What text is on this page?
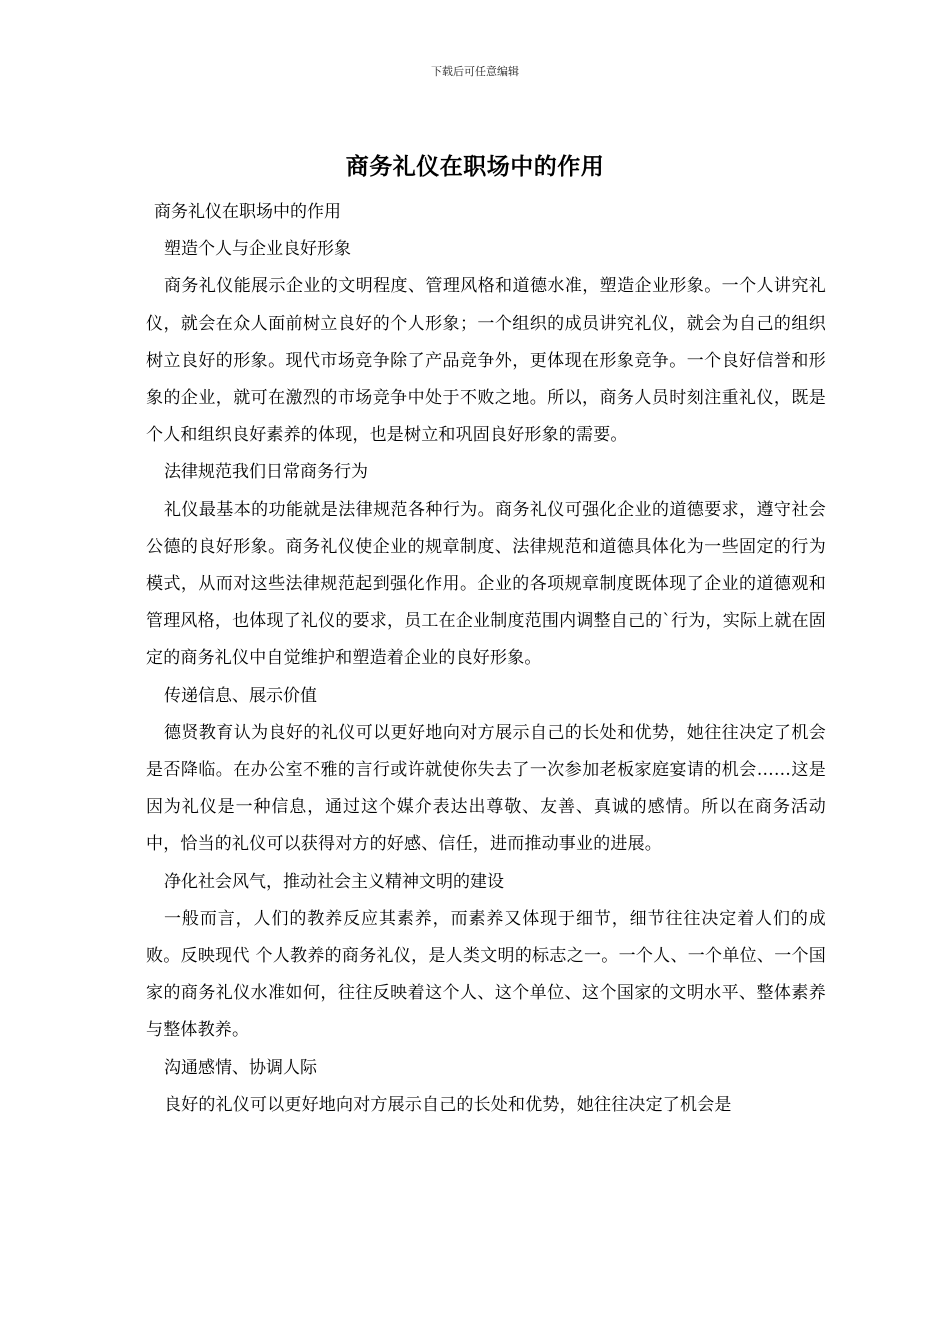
下载后可任意编辑
商务礼仪在职场中的作用

商务礼仪在职场中的作用

塑造个人与企业良好形象

商务礼仪能展示企业的文明程度、管理风格和道德水准，塑造企业形象。一个人讲究礼仪，就会在众人面前树立良好的个人形象；一个组织的成员讲究礼仪，就会为自己的组织树立良好的形象。现代市场竞争除了产品竞争外，更体现在形象竞争。一个良好信誉和形象的企业，就可在激烈的市场竞争中处于不败之地。所以，商务人员时刻注重礼仪，既是个人和组织良好素养的体现，也是树立和巩固良好形象的需要。

法律规范我们日常商务行为

礼仪最基本的功能就是法律规范各种行为。商务礼仪可强化企业的道德要求，遵守社会公德的良好形象。商务礼仪使企业的规章制度、法律规范和道德具体化为一些固定的行为模式，从而对这些法律规范起到强化作用。企业的各项规章制度既体现了企业的道德观和管理风格，也体现了礼仪的要求，员工在企业制度范围内调整自己的`行为，实际上就在固定的商务礼仪中自觉维护和塑造着企业的良好形象。

传递信息、展示价值

德贤教育认为良好的礼仪可以更好地向对方展示自己的长处和优势，她往往决定了机会是否降临。在办公室不雅的言行或许就使你失去了一次参加老板家庭宴请的机会……这是因为礼仪是一种信息，通过这个媒介表达出尊敬、友善、真诚的感情。所以在商务活动中，恰当的礼仪可以获得对方的好感、信任，进而推动事业的进展。

净化社会风气，推动社会主义精神文明的建设

一般而言，人们的教养反应其素养，而素养又体现于细节，细节往往决定着人们的成败。反映现代 个人教养的商务礼仪，是人类文明的标志之一。一个人、一个单位、一个国家的商务礼仪水准如何，往往反映着这个人、这个单位、这个国家的文明水平、整体素养与整体教养。

沟通感情、协调人际

良好的礼仪可以更好地向对方展示自己的长处和优势，她往往决定了机会是
